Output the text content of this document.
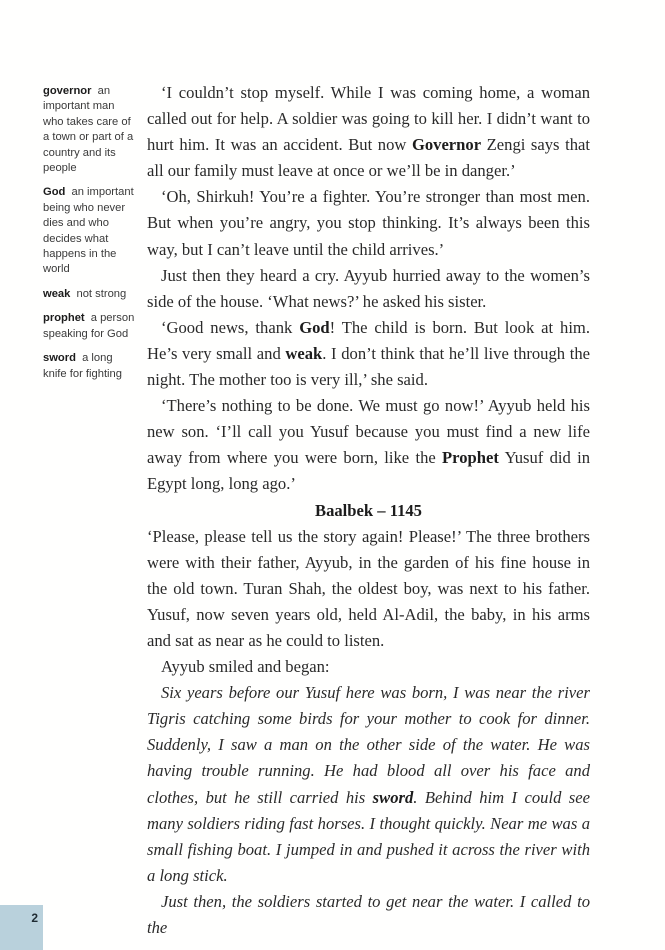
governor an important man who takes care of a town or part of a country and its people
God an important being who never dies and who decides what happens in the world
weak not strong
prophet a person speaking for God
sword a long knife for fighting

‘I couldn’t stop myself. While I was coming home, a woman called out for help. A soldier was going to kill her. I didn’t want to hurt him. It was an accident. But now Governor Zengi says that all our family must leave at once or we’ll be in danger.’

‘Oh, Shirkuh! You’re a fighter. You’re stronger than most men. But when you’re angry, you stop thinking. It’s always been this way, but I can’t leave until the child arrives.’

Just then they heard a cry. Ayyub hurried away to the women’s side of the house. ‘What news?’ he asked his sister.

‘Good news, thank God! The child is born. But look at him. He’s very small and weak. I don’t think that he’ll live through the night. The mother too is very ill,’ she said.

‘There’s nothing to be done. We must go now!’ Ayyub held his new son. ‘I’ll call you Yusuf because you must find a new life away from where you were born, like the Prophet Yusuf did in Egypt long, long ago.’

Baalbek – 1145

‘Please, please tell us the story again! Please!’ The three brothers were with their father, Ayyub, in the garden of his fine house in the old town. Turan Shah, the oldest boy, was next to his father. Yusuf, now seven years old, held Al-Adil, the baby, in his arms and sat as near as he could to listen.

Ayyub smiled and began:

Six years before our Yusuf here was born, I was near the river Tigris catching some birds for your mother to cook for dinner. Suddenly, I saw a man on the other side of the water. He was having trouble running. He had blood all over his face and clothes, but he still carried his sword. Behind him I could see many soldiers riding fast horses. I thought quickly. Near me was a small fishing boat. I jumped in and pushed it across the river with a long stick.

Just then, the soldiers started to get near the water. I called to the

2
